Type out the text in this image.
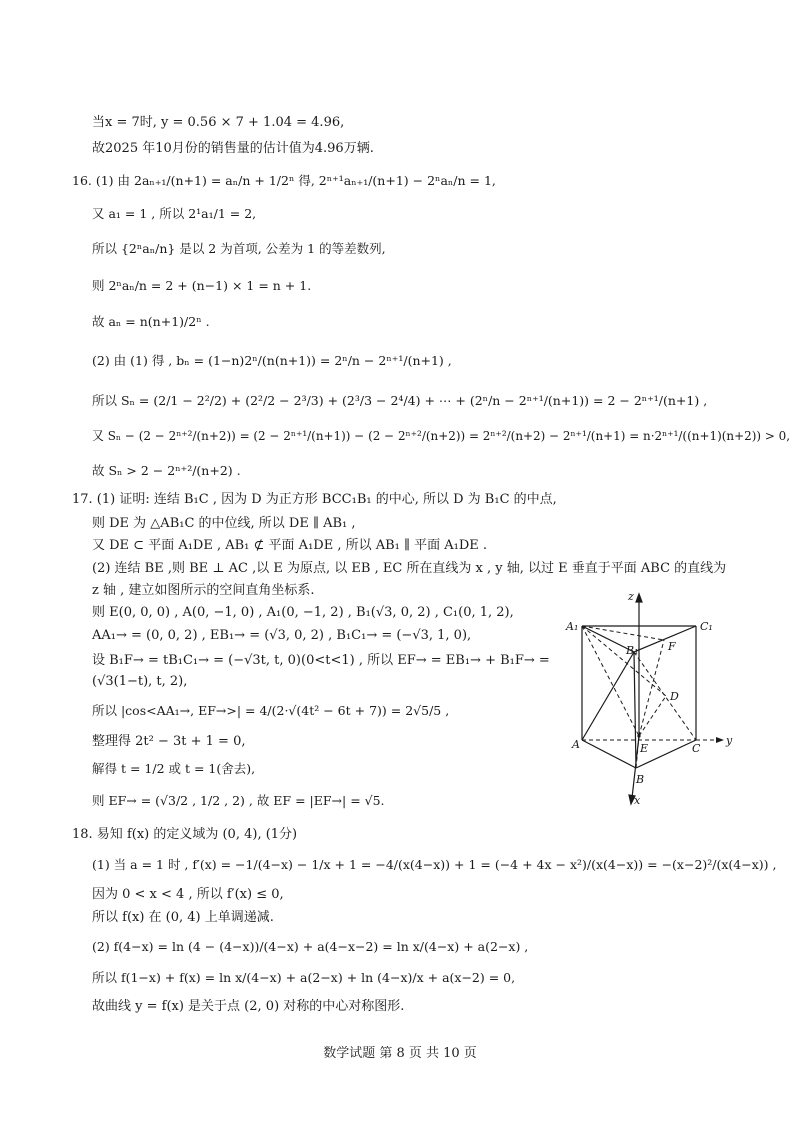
当x = 7时, y = 0.56 × 7 + 1.04 = 4.96,
故2025 年10月份的销售量的估计值为4.96万辆.
16. (1) 由 2aₙ₊₁/(n+1) = aₙ/n + 1/2ⁿ 得, 2ⁿ⁺¹aₙ₊₁/(n+1) − 2ⁿaₙ/n = 1,
又 a₁ = 1 , 所以 2¹a₁/1 = 2,
所以 {2ⁿaₙ/n} 是以 2 为首项, 公差为 1 的等差数列,
则 2ⁿaₙ/n = 2 + (n−1) × 1 = n + 1.
故 aₙ = n(n+1)/2ⁿ .
(2) 由 (1) 得 , bₙ = (1−n)2ⁿ/(n(n+1)) = 2ⁿ/n − 2ⁿ⁺¹/(n+1) ,
所以 Sₙ = (2/1 − 2²/2) + (2²/2 − 2³/3) + (2³/3 − 2⁴/4) + ⋯ + (2ⁿ/n − 2ⁿ⁺¹/(n+1)) = 2 − 2ⁿ⁺¹/(n+1) ,
又 Sₙ − (2 − 2ⁿ⁺²/(n+2)) = (2 − 2ⁿ⁺¹/(n+1)) − (2 − 2ⁿ⁺²/(n+2)) = 2ⁿ⁺²/(n+2) − 2ⁿ⁺¹/(n+1) = n·2ⁿ⁺¹/((n+1)(n+2)) > 0,
故 Sₙ > 2 − 2ⁿ⁺²/(n+2) .
17. (1) 证明: 连结 B₁C , 因为 D 为正方形 BCC₁B₁ 的中心, 所以 D 为 B₁C 的中点,
则 DE 为 △AB₁C 的中位线, 所以 DE ∥ AB₁ ,
又 DE ⊂ 平面 A₁DE , AB₁ ⊄ 平面 A₁DE , 所以 AB₁ ∥ 平面 A₁DE .
(2) 连结 BE ,则 BE ⊥ AC ,以 E 为原点, 以 EB , EC 所在直线为 x , y 轴, 以过 E 垂直于平面 ABC 的直线为
z 轴 , 建立如图所示的空间直角坐标系.
则 E(0, 0, 0) , A(0, −1, 0) , A₁(0, −1, 2) , B₁(√3, 0, 2) , C₁(0, 1, 2),
AA₁→ = (0, 0, 2) , EB₁→ = (√3, 0, 2) , B₁C₁→ = (−√3, 1, 0),
设 B₁F→ = tB₁C₁→ = (−√3t, t, 0)(0<t<1) , 所以 EF→ = EB₁→ + B₁F→ =
(√3(1−t), t, 2),
所以 |cos<AA₁→, EF→>| = 4/(2·√(4t² − 6t + 7)) = 2√5/5 ,
整理得 2t² − 3t + 1 = 0,
解得 t = 1/2 或 t = 1(舍去),
则 EF→ = (√3/2 , 1/2 , 2) , 故 EF = |EF→| = √5.
18. 易知 f(x) 的定义域为 (0, 4), (1分)
(1) 当 a = 1 时 , f′(x) = −1/(4−x) − 1/x + 1 = −4/(x(4−x)) + 1 = (−4 + 4x − x²)/(x(4−x)) = −(x−2)²/(x(4−x)) ,
因为 0 < x < 4 , 所以 f′(x) ≤ 0,
所以 f(x) 在 (0, 4) 上单调递减.
(2) f(4−x) = ln (4 − (4−x))/(4−x) + a(4−x−2) = ln x/(4−x) + a(2−x) ,
所以 f(1−x) + f(x) = ln x/(4−x) + a(2−x) + ln (4−x)/x + a(x−2) = 0,
故曲线 y = f(x) 是关于点 (2, 0) 对称的中心对称图形.
z
A₁	C₁
B₁	F
D
A	E	C
y
B
x
数学试题 第 8 页 共 10 页
